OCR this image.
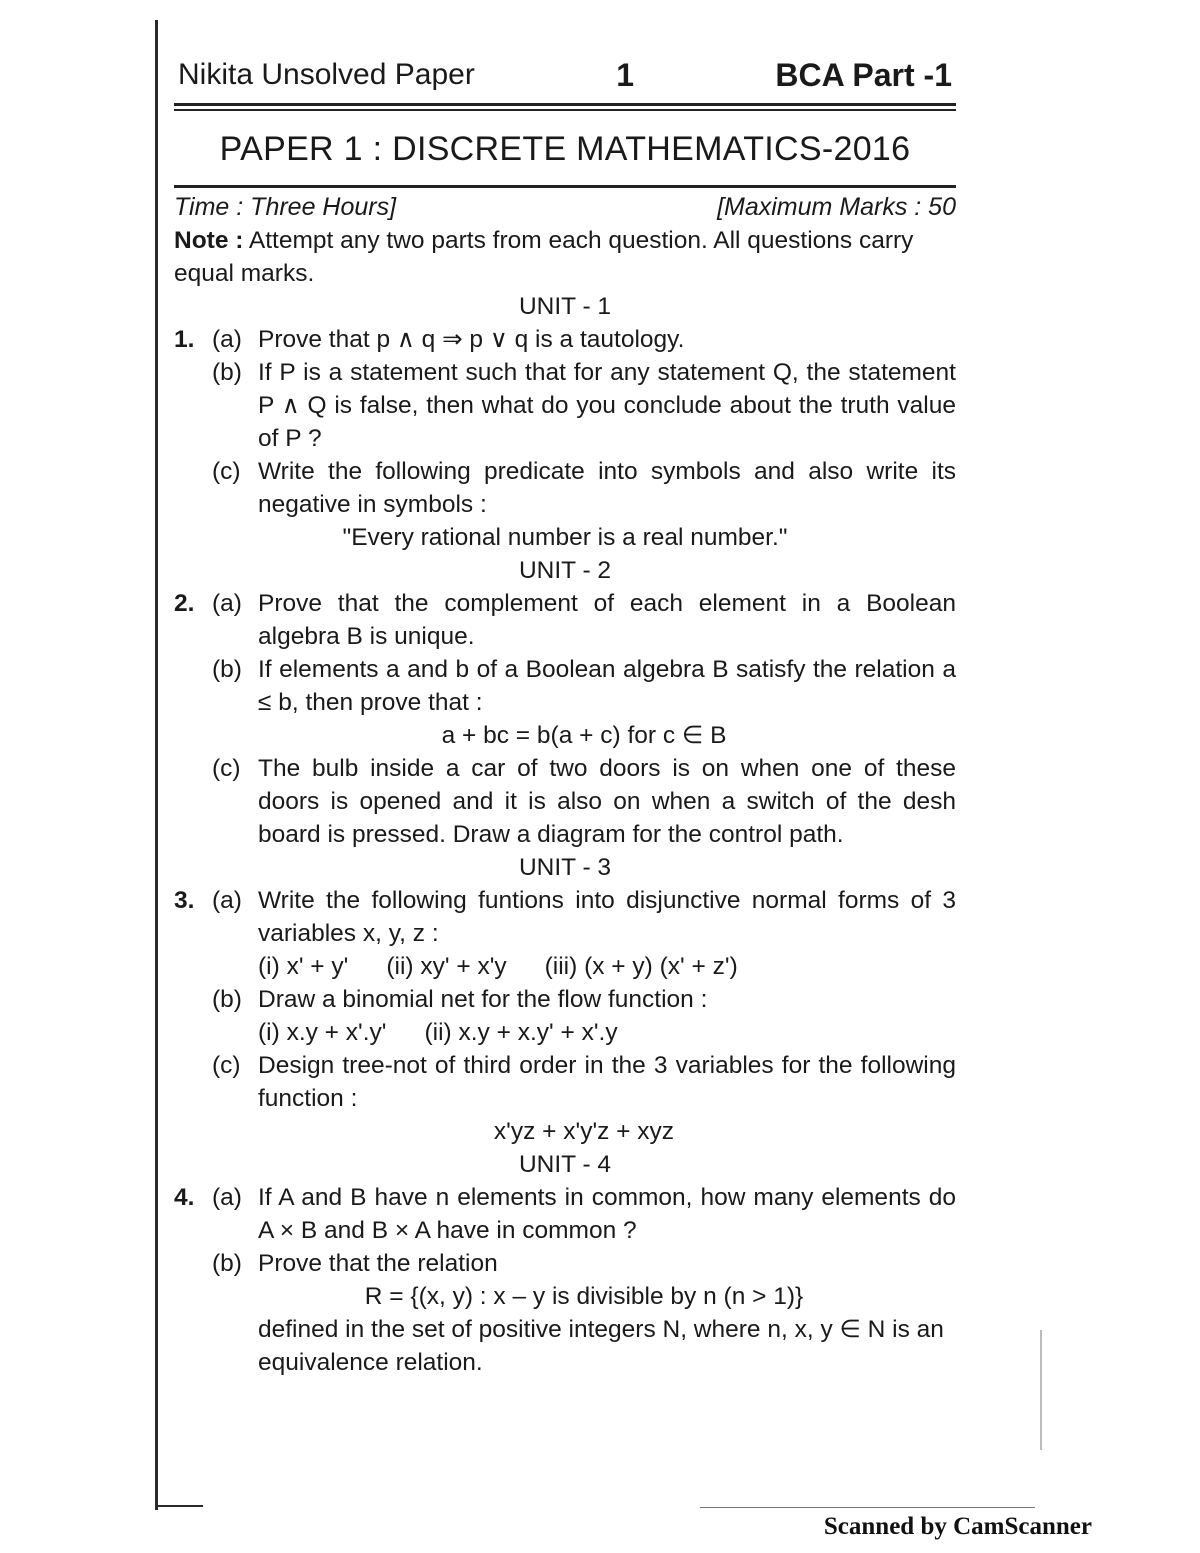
Nikita Unsolved Paper	1	BCA Part -1
PAPER 1 : DISCRETE MATHEMATICS-2016
Time : Three Hours]	[Maximum Marks : 50

Note : Attempt any two parts from each question. All questions carry equal marks.

UNIT - 1
1. (a) Prove that p ∧ q ⇒ p ∨ q is a tautology.
(b) If P is a statement such that for any statement Q, the statement P ∧ Q is false, then what do you conclude about the truth value of P ?
(c) Write the following predicate into symbols and also write its negative in symbols :
"Every rational number is a real number."
UNIT - 2
2. (a) Prove that the complement of each element in a Boolean algebra B is unique.
(b) If elements a and b of a Boolean algebra B satisfy the relation a ≤ b, then prove that :
a + bc = b(a + c) for c ∈ B
(c) The bulb inside a car of two doors is on when one of these doors is opened and it is also on when a switch of the desh board is pressed. Draw a diagram for the control path.
UNIT - 3
3. (a) Write the following funtions into disjunctive normal forms of 3 variables x, y, z :
(i) x' + y' (ii) xy' + x'y (iii) (x + y) (x' + z')
(b) Draw a binomial net for the flow function :
(i) x.y + x'.y' (ii) x.y + x.y' + x'.y
(c) Design tree-not of third order in the 3 variables for the following function :
x'yz + x'y'z + xyz
UNIT - 4
4. (a) If A and B have n elements in common, how many elements do A × B and B × A have in common ?
(b) Prove that the relation
R = {(x, y) : x – y is divisible by n (n > 1)}
defined in the set of positive integers N, where n, x, y ∈ N is an equivalence relation.
Scanned by CamScanner
